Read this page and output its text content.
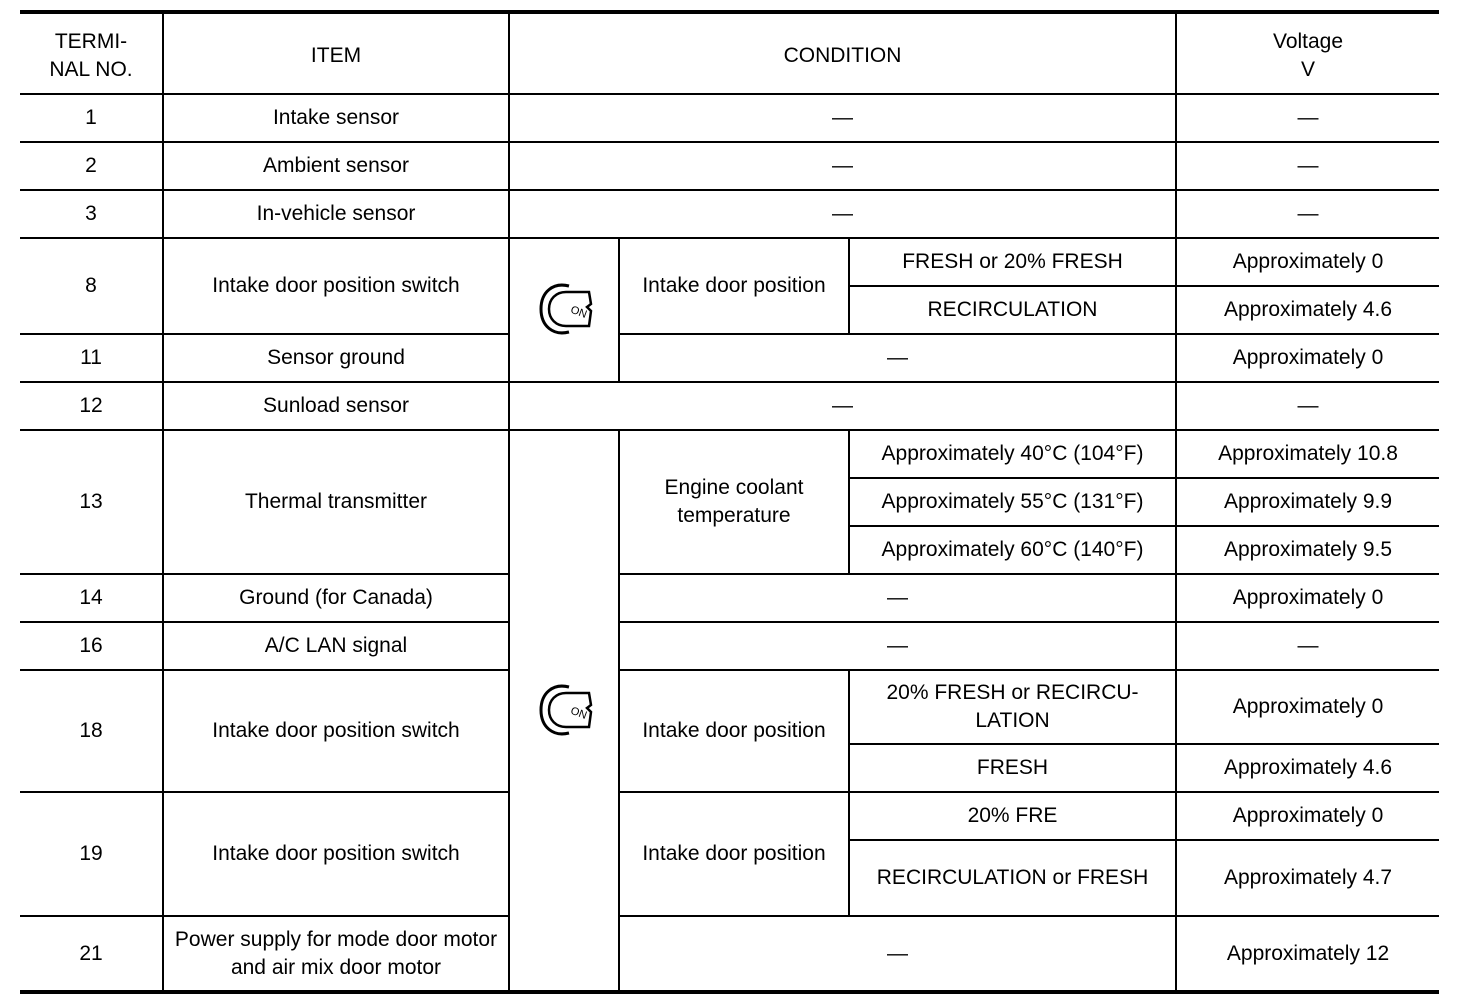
TERMI-
NAL NO.	ITEM	CONDITION			Voltage
V
1	Intake sensor	—			—
2	Ambient sensor	—			—
3	In-vehicle sensor	—			—
8	Intake door position switch	ON	Intake door position	FRESH or 20% FRESH	Approximately 0
				RECIRCULATION	Approximately 4.6
11	Sensor ground		—		Approximately 0
12	Sunload sensor	—			—
13	Thermal transmitter	ON	Engine coolant temperature	Approximately 40°C (104°F)	Approximately 10.8
				Approximately 55°C (131°F)	Approximately 9.9
				Approximately 60°C (140°F)	Approximately 9.5
14	Ground (for Canada)		—		Approximately 0
16	A/C LAN signal		—		—
18	Intake door position switch		Intake door position	20% FRESH or RECIRCU-LATION	Approximately 0
				FRESH	Approximately 4.6
19	Intake door position switch		Intake door position	20% FRE	Approximately 0
				RECIRCULATION or FRESH	Approximately 4.7
21	Power supply for mode door motor and air mix door motor		—		Approximately 12
